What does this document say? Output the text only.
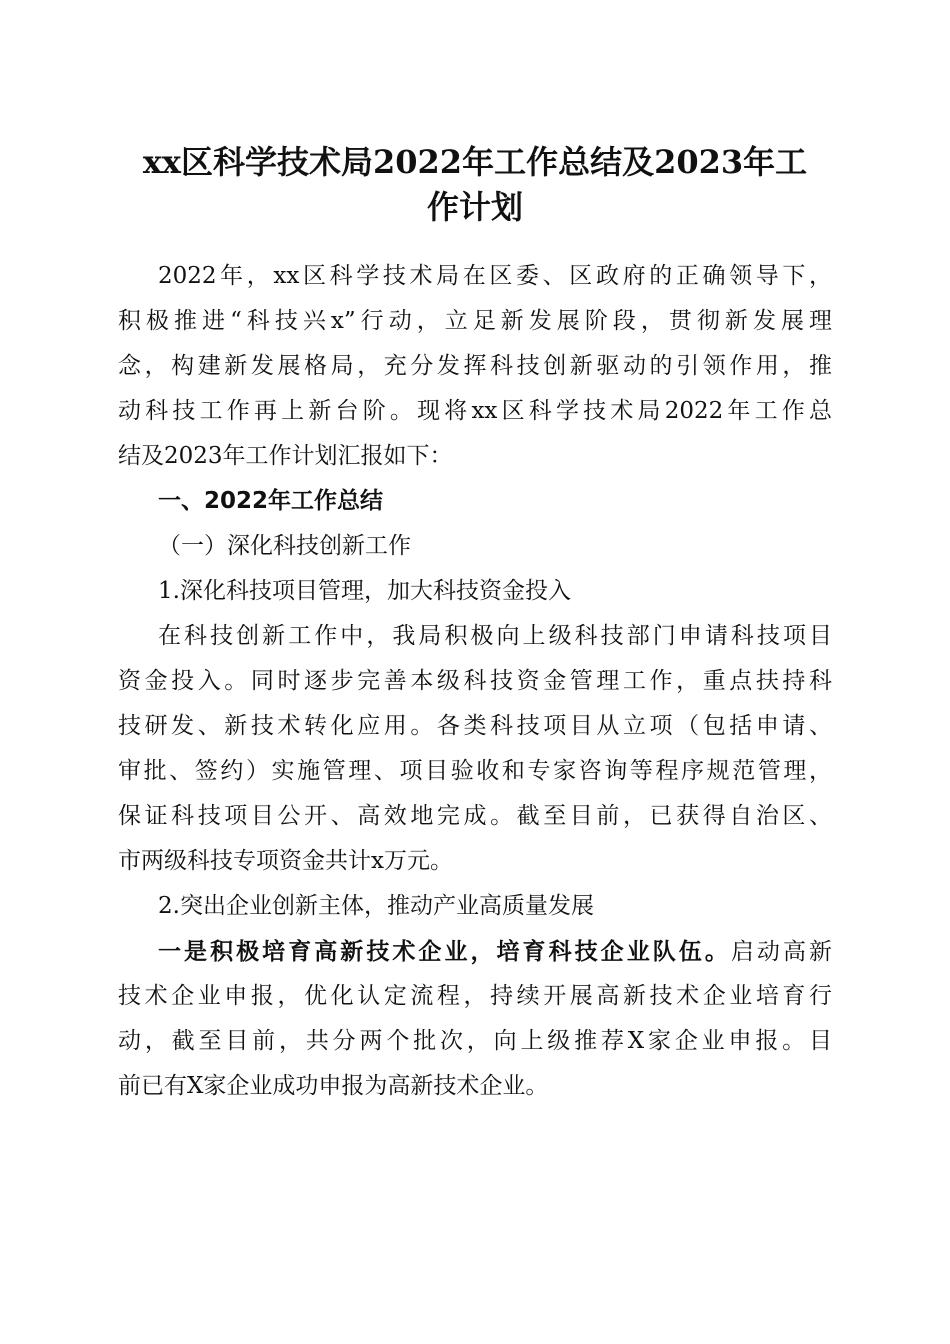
xx区科学技术局2022年工作总结及2023年工
作计划
2022年，xx区科学技术局在区委、区政府的正确领导下，
积极推进“科技兴x”行动，立足新发展阶段，贯彻新发展理
念，构建新发展格局，充分发挥科技创新驱动的引领作用，推
动科技工作再上新台阶。现将xx区科学技术局2022年工作总
结及2023年工作计划汇报如下：
一、2022年工作总结
（一）深化科技创新工作
1.深化科技项目管理，加大科技资金投入
在科技创新工作中，我局积极向上级科技部门申请科技项目
资金投入。同时逐步完善本级科技资金管理工作，重点扶持科
技研发、新技术转化应用。各类科技项目从立项（包括申请、
审批、签约）实施管理、项目验收和专家咨询等程序规范管理，
保证科技项目公开、高效地完成。截至目前，已获得自治区、
市两级科技专项资金共计x万元。
2.突出企业创新主体，推动产业高质量发展
一是积极培育高新技术企业，培育科技企业队伍。启动高新
技术企业申报，优化认定流程，持续开展高新技术企业培育行
动，截至目前，共分两个批次，向上级推荐X家企业申报。目
前已有X家企业成功申报为高新技术企业。
